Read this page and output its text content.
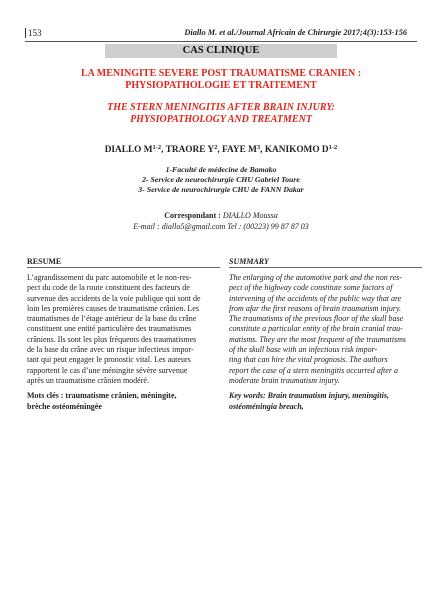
153	Diallo M. et al./Journal Africain de Chirurgie 2017;4(3):153-156
CAS CLINIQUE
LA MENINGITE SEVERE POST TRAUMATISME CRANIEN :
PHYSIOPATHOLOGIE ET TRAITEMENT
THE STERN MENINGITIS AFTER BRAIN INJURY:
PHYSIOPATHOLOGY AND TREATMENT
DIALLO $M^{1-2}$, TRAORE $Y^2$, FAYE $M^3$, KANIKOMO $D^{1-2}$
1-Faculté de médecine de Bamako
2- Service de neurochirurgie CHU Gabriel Toure
3- Service de neurochirurgie CHU de FANN Dakar
Correspondant : DIALLO Moussa
E-mail : diallo5@gmail.com Tel : (00223) 99 87 87 03
RESUME
L’agrandissement du parc automobile et le non-res-
pect du code de la route constituent des facteurs de
survenue des accidents de la voie publique qui sont de
loin les premières causes de traumatisme crânien. Les
traumatismes de l’étage antérieur de la base du crâne
constituent une entité particulière des traumatismes
crâniens. Ils sont les plus fréquents des traumatismes
de la base du crâne avec un risque infectieux impor-
tant qui peut engager le pronostic vital. Les auteurs
rapportent le cas d’une méningite sévère survenue
après un traumatisme crânien modéré.
Mots clés : traumatisme crânien, méningite,
brèche ostéoméningée
SUMMARY
The enlarging of the automotive park and the non res-
pect of the highway code constitute some factors of
intervening of the accidents of the public way that are
from afar the first reasons of brain traumatism injury.
The traumatisms of the previous floor of the skull base
constitute a particular entity of the brain cranial trau-
matisms. They are the most frequent of the traumatisms
of the skull base with an infectious risk impor-
ting that can hire the vital prognosis. The authors
report the case of a stern meningitis occurred after a
moderate brain traumatism injury.
Key words: Brain traumatism injury, meningitis,
ostéoméningia breach,
